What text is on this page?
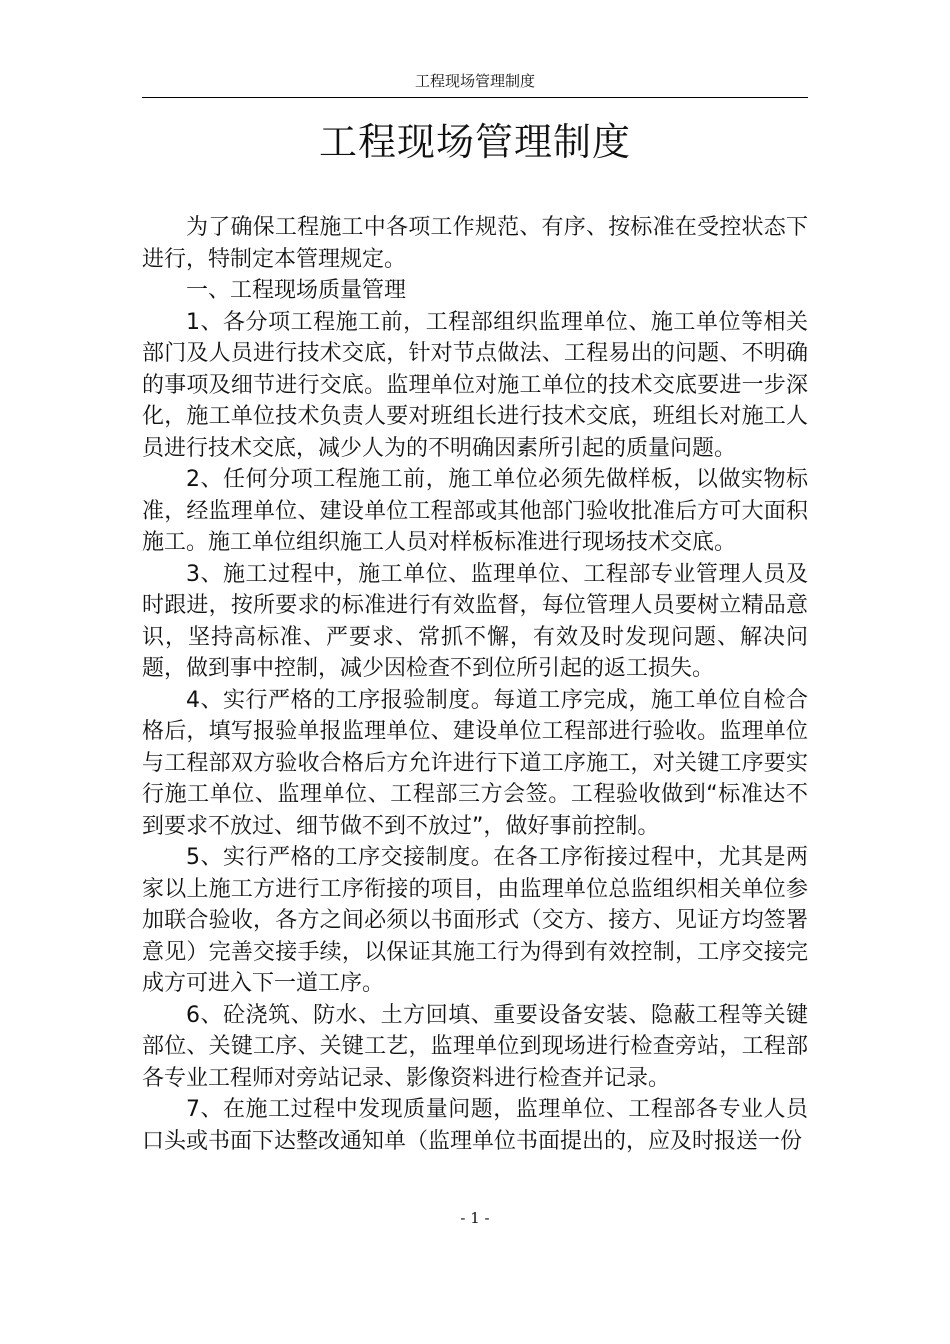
工程现场管理制度
工程现场管理制度

为了确保工程施工中各项工作规范、有序、按标准在受控状态下进行，特制定本管理规定。

一、工程现场质量管理

1、各分项工程施工前，工程部组织监理单位、施工单位等相关部门及人员进行技术交底，针对节点做法、工程易出的问题、不明确的事项及细节进行交底。监理单位对施工单位的技术交底要进一步深化，施工单位技术负责人要对班组长进行技术交底，班组长对施工人员进行技术交底，减少人为的不明确因素所引起的质量问题。

2、任何分项工程施工前，施工单位必须先做样板，以做实物标准，经监理单位、建设单位工程部或其他部门验收批准后方可大面积施工。施工单位组织施工人员对样板标准进行现场技术交底。

3、施工过程中，施工单位、监理单位、工程部专业管理人员及时跟进，按所要求的标准进行有效监督，每位管理人员要树立精品意识，坚持高标准、严要求、常抓不懈，有效及时发现问题、解决问题，做到事中控制，减少因检查不到位所引起的返工损失。

4、实行严格的工序报验制度。每道工序完成，施工单位自检合格后，填写报验单报监理单位、建设单位工程部进行验收。监理单位与工程部双方验收合格后方允许进行下道工序施工，对关键工序要实行施工单位、监理单位、工程部三方会签。工程验收做到“标准达不到要求不放过、细节做不到不放过”，做好事前控制。

5、实行严格的工序交接制度。在各工序衔接过程中，尤其是两家以上施工方进行工序衔接的项目，由监理单位总监组织相关单位参加联合验收，各方之间必须以书面形式（交方、接方、见证方均签署意见）完善交接手续，以保证其施工行为得到有效控制，工序交接完成方可进入下一道工序。

6、砼浇筑、防水、土方回填、重要设备安装、隐蔽工程等关键部位、关键工序、关键工艺，监理单位到现场进行检查旁站，工程部各专业工程师对旁站记录、影像资料进行检查并记录。

7、在施工过程中发现质量问题，监理单位、工程部各专业人员口头或书面下达整改通知单（监理单位书面提出的，应及时报送一份

- 1 -
